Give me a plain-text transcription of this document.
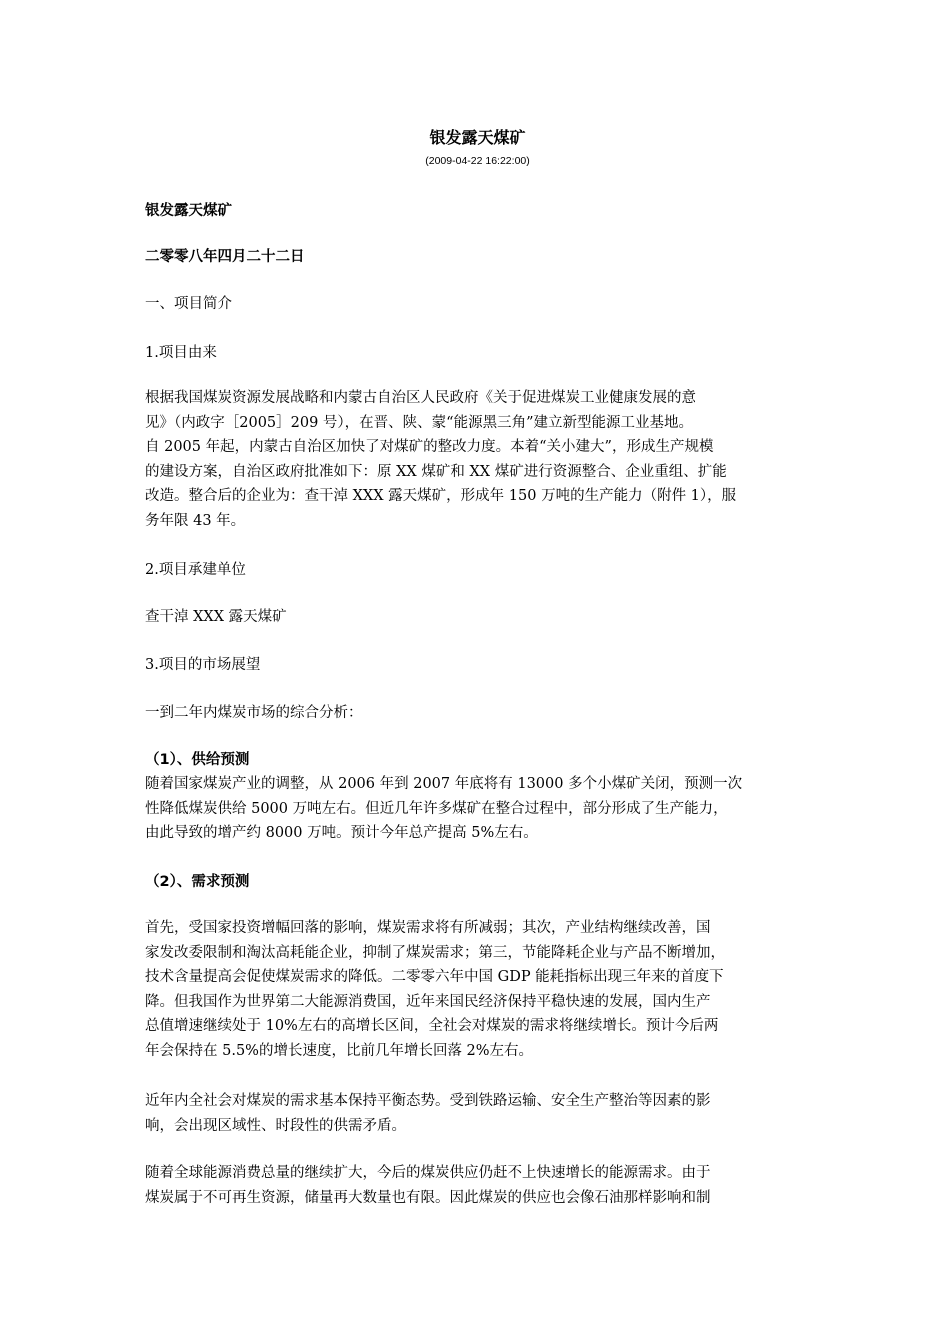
银发露天煤矿
(2009-04-22 16:22:00)

银发露天煤矿

二零零八年四月二十二日

一、项目简介

1.项目由来

根据我国煤炭资源发展战略和内蒙古自治区人民政府《关于促进煤炭工业健康发展的意
见》（内政字［2005］209 号），在晋、陕、蒙“能源黑三角”建立新型能源工业基地。
自 2005 年起，内蒙古自治区加快了对煤矿的整改力度。本着“关小建大”，形成生产规模
的建设方案，自治区政府批准如下：原 XX 煤矿和 XX 煤矿进行资源整合、企业重组、扩能
改造。整合后的企业为：查干淖 XXX 露天煤矿，形成年 150 万吨的生产能力（附件 1），服
务年限 43 年。

2.项目承建单位

查干淖 XXX 露天煤矿

3.项目的市场展望

一到二年内煤炭市场的综合分析：

（1）、供给预测

随着国家煤炭产业的调整，从 2006 年到 2007 年底将有 13000 多个小煤矿关闭，预测一次
性降低煤炭供给 5000 万吨左右。但近几年许多煤矿在整合过程中，部分形成了生产能力，
由此导致的增产约 8000 万吨。预计今年总产提高 5%左右。

（2）、需求预测

首先，受国家投资增幅回落的影响，煤炭需求将有所减弱；其次，产业结构继续改善，国
家发改委限制和淘汰高耗能企业，抑制了煤炭需求；第三，节能降耗企业与产品不断增加，
技术含量提高会促使煤炭需求的降低。二零零六年中国 GDP 能耗指标出现三年来的首度下
降。但我国作为世界第二大能源消费国，近年来国民经济保持平稳快速的发展，国内生产
总值增速继续处于 10%左右的高增长区间，全社会对煤炭的需求将继续增长。预计今后两
年会保持在 5.5%的增长速度，比前几年增长回落 2%左右。
近年内全社会对煤炭的需求基本保持平衡态势。受到铁路运输、安全生产整治等因素的影
响，会出现区域性、时段性的供需矛盾。
随着全球能源消费总量的继续扩大，今后的煤炭供应仍赶不上快速增长的能源需求。由于
煤炭属于不可再生资源，储量再大数量也有限。因此煤炭的供应也会像石油那样影响和制
